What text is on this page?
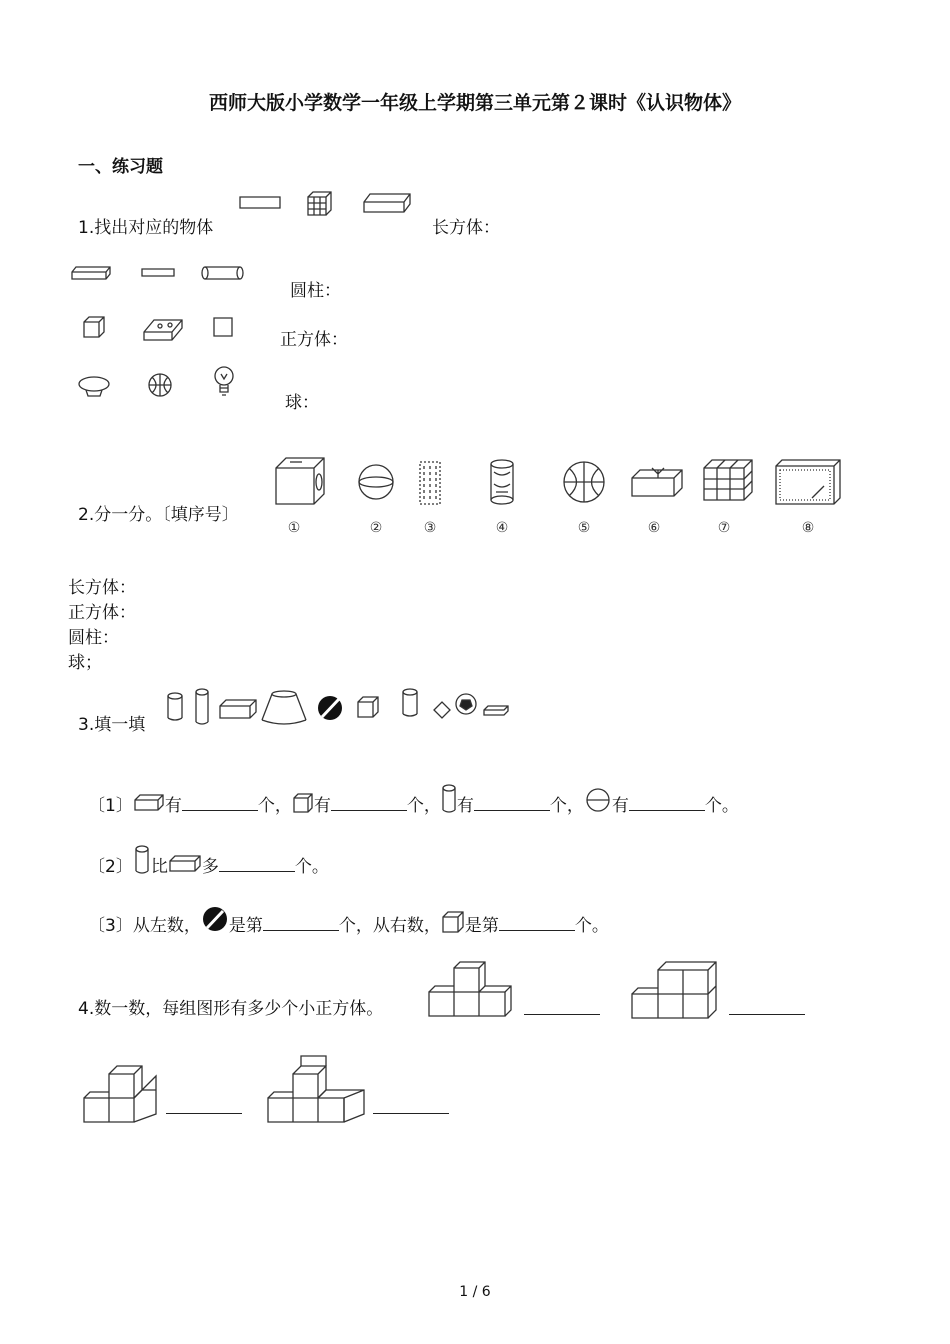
西师大版小学数学一年级上学期第三单元第２课时《认识物体》
一、练习题
1.找出对应的物体	长方体：
圆柱：
正方体：
球：
2.分一分。〔填序号〕
①	②	③	④	⑤	⑥	⑦	⑧
长方体：
正方体：
圆柱：
球；
3.填一填
〔1〕 有	个， 有	个， 有	个， 有	个。
〔2〕 比 多	个。
〔3〕从左数， 是第	个，从右数， 是第	个。
4.数一数，每组图形有多少个小正方体。
1 / 6
